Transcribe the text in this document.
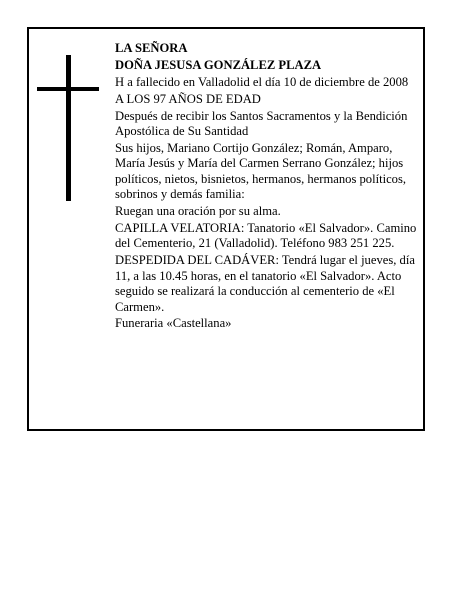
LA SEÑORA

DOÑA JESUSA GONZÁLEZ PLAZA

H a fallecido en Valladolid el día 10 de diciembre de 2008

A LOS 97 AÑOS DE EDAD

Después de recibir los Santos Sacramentos y la Bendición Apostólica de Su Santidad

Sus hijos, Mariano Cortijo González; Román, Amparo, María Jesús y María del Carmen Serrano González; hijos políticos, nietos, bisnietos, hermanos, hermanos políticos, sobrinos y demás familia:

Ruegan una oración por su alma.

CAPILLA VELATORIA: Tanatorio «El Salvador». Camino del Cementerio, 21 (Valladolid). Teléfono 983 251 225.

DESPEDIDA DEL CADÁVER: Tendrá lugar el jueves, día 11, a las 10.45 horas, en el tanatorio «El Salvador». Acto seguido se realizará la conducción al cementerio de «El Carmen».

Funeraria «Castellana»
